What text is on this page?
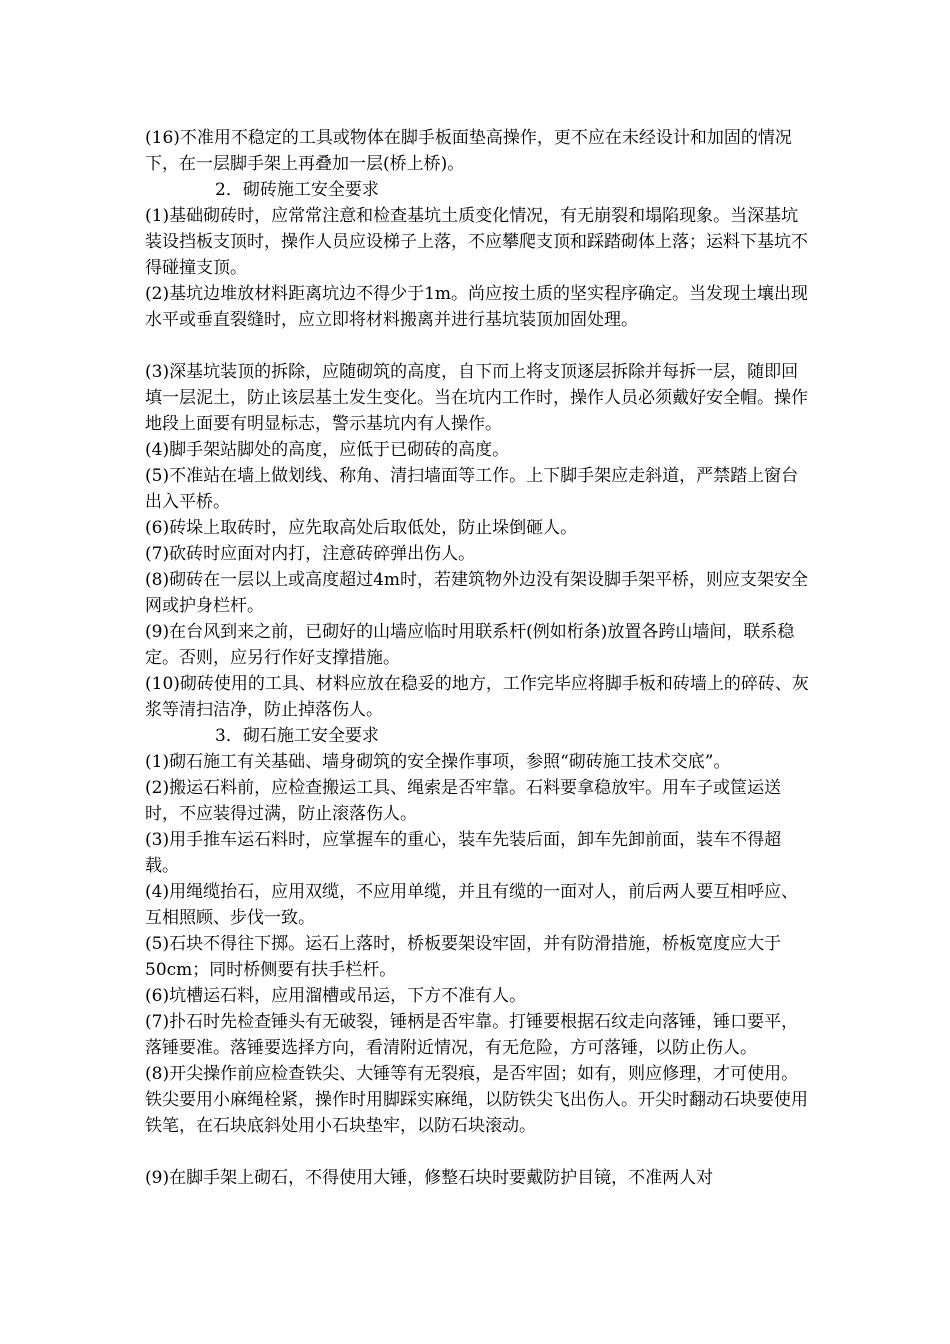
(16)不准用不稳定的工具或物体在脚手板面垫高操作，更不应在未经设计和加固的情况下，在一层脚手架上再叠加一层(桥上桥)。

2．砌砖施工安全要求

(1)基础砌砖时，应常常注意和检查基坑土质变化情况，有无崩裂和塌陷现象。当深基坑装设挡板支顶时，操作人员应设梯子上落，不应攀爬支顶和踩踏砌体上落；运料下基坑不得碰撞支顶。

(2)基坑边堆放材料距离坑边不得少于1m。尚应按土质的坚实程序确定。当发现土壤出现水平或垂直裂缝时，应立即将材料搬离并进行基坑装顶加固处理。

(3)深基坑装顶的拆除，应随砌筑的高度，自下而上将支顶逐层拆除并每拆一层，随即回填一层泥土，防止该层基土发生变化。当在坑内工作时，操作人员必须戴好安全帽。操作地段上面要有明显标志，警示基坑内有人操作。

(4)脚手架站脚处的高度，应低于已砌砖的高度。

(5)不准站在墙上做划线、称角、清扫墙面等工作。上下脚手架应走斜道，严禁踏上窗台出入平桥。

(6)砖垛上取砖时，应先取高处后取低处，防止垛倒砸人。

(7)砍砖时应面对内打，注意砖碎弹出伤人。

(8)砌砖在一层以上或高度超过4m时，若建筑物外边没有架设脚手架平桥，则应支架安全网或护身栏杆。

(9)在台风到来之前，已砌好的山墙应临时用联系杆(例如桁条)放置各跨山墙间，联系稳定。否则，应另行作好支撑措施。

(10)砌砖使用的工具、材料应放在稳妥的地方，工作完毕应将脚手板和砖墙上的碎砖、灰浆等清扫洁净，防止掉落伤人。

3．砌石施工安全要求

(1)砌石施工有关基础、墙身砌筑的安全操作事项，参照“砌砖施工技术交底”。

(2)搬运石料前，应检查搬运工具、绳索是否牢靠。石料要拿稳放牢。用车子或筐运送时，不应装得过满，防止滚落伤人。

(3)用手推车运石料时，应掌握车的重心，装车先装后面，卸车先卸前面，装车不得超载。

(4)用绳缆抬石，应用双缆，不应用单缆，并且有缆的一面对人，前后两人要互相呼应、互相照顾、步伐一致。

(5)石块不得往下掷。运石上落时，桥板要架设牢固，并有防滑措施，桥板宽度应大于50cm；同时桥侧要有扶手栏杆。

(6)坑槽运石料，应用溜槽或吊运，下方不准有人。

(7)扑石时先检查锤头有无破裂，锤柄是否牢靠。打锤要根据石纹走向落锤，锤口要平，落锤要准。落锤要选择方向，看清附近情况，有无危险，方可落锤，以防止伤人。

(8)开尖操作前应检查铁尖、大锤等有无裂痕，是否牢固；如有，则应修理，才可使用。铁尖要用小麻绳栓紧，操作时用脚踩实麻绳，以防铁尖飞出伤人。开尖时翻动石块要使用铁笔，在石块底斜处用小石块垫牢，以防石块滚动。

(9)在脚手架上砌石，不得使用大锤，修整石块时要戴防护目镜，不准两人对
